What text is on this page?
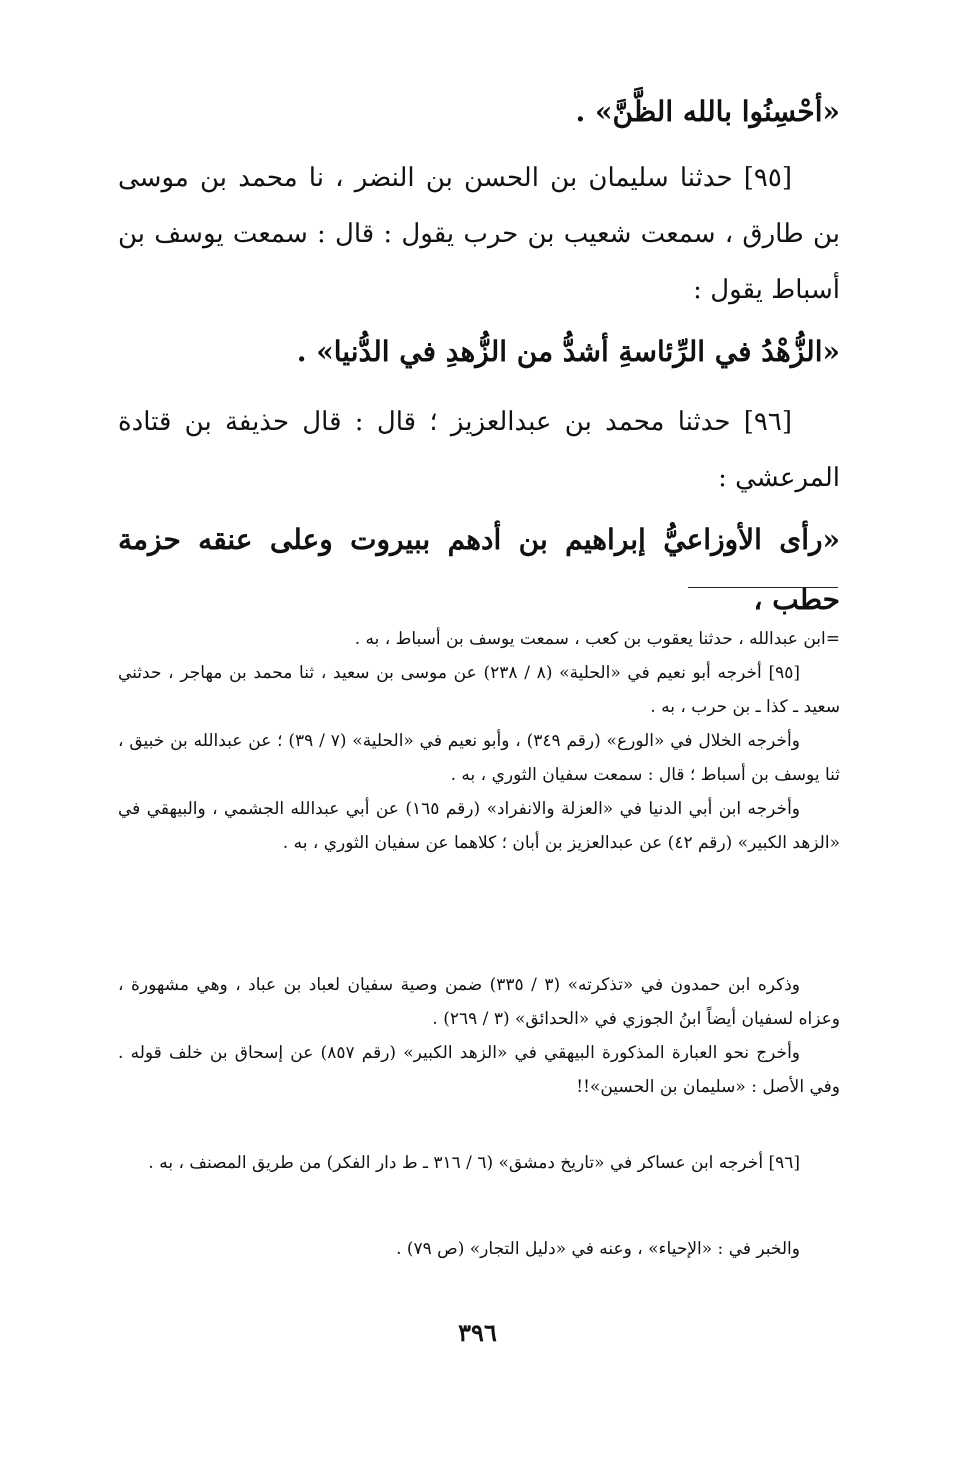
«أحْسِنُوا بالله الظَّنَّ» .

[٩٥] حدثنا سليمان بن الحسن بن النضر ، نا محمد بن موسى بن طارق ، سمعت شعيب بن حرب يقول : قال : سمعت يوسف بن أسباط يقول :

«الزُّهْدُ في الرِّئاسةِ أشدُّ من الزُّهدِ في الدُّنيا» .

[٩٦] حدثنا محمد بن عبدالعزيز ؛ قال : قال حذيفة بن قتادة المرعشي :

«رأى الأوزاعيُّ إبراهيم بن أدهم ببيروت وعلى عنقه حزمة حطب ،

=ابن عبدالله ، حدثنا يعقوب بن كعب ، سمعت يوسف بن أسباط ، به .

[٩٥] أخرجه أبو نعيم في «الحلية» (٨ / ٢٣٨) عن موسى بن سعيد ، ثنا محمد بن مهاجر ، حدثني سعيد ـ كذا ـ بن حرب ، به .

وأخرجه الخلال في «الورع» (رقم ٣٤٩) ، وأبو نعيم في «الحلية» (٧ / ٣٩) ؛ عن عبدالله بن خبيق ، ثنا يوسف بن أسباط ؛ قال : سمعت سفيان الثوري ، به .

وأخرجه ابن أبي الدنيا في «العزلة والانفراد» (رقم ١٦٥) عن أبي عبدالله الجشمي ، والبيهقي في «الزهد الكبير» (رقم ٤٢) عن عبدالعزيز بن أبان ؛ كلاهما عن سفيان الثوري ، به .

وذكره ابن حمدون في «تذكرته» (٣ / ٣٣٥) ضمن وصية سفيان لعباد بن عباد ، وهي مشهورة ، وعزاه لسفيان أيضاً ابنُ الجوزي في «الحدائق» (٣ / ٢٦٩) .

وأخرج نحو العبارة المذكورة البيهقي في «الزهد الكبير» (رقم ٨٥٧) عن إسحاق بن خلف قوله . وفي الأصل : «سليمان بن الحسين»!!

[٩٦] أخرجه ابن عساكر في «تاريخ دمشق» (٦ / ٣١٦ ـ ط دار الفكر) من طريق المصنف ، به .

والخبر في : «الإحياء» ، وعنه في «دليل التجار» (ص ٧٩) .

٣٩٦
